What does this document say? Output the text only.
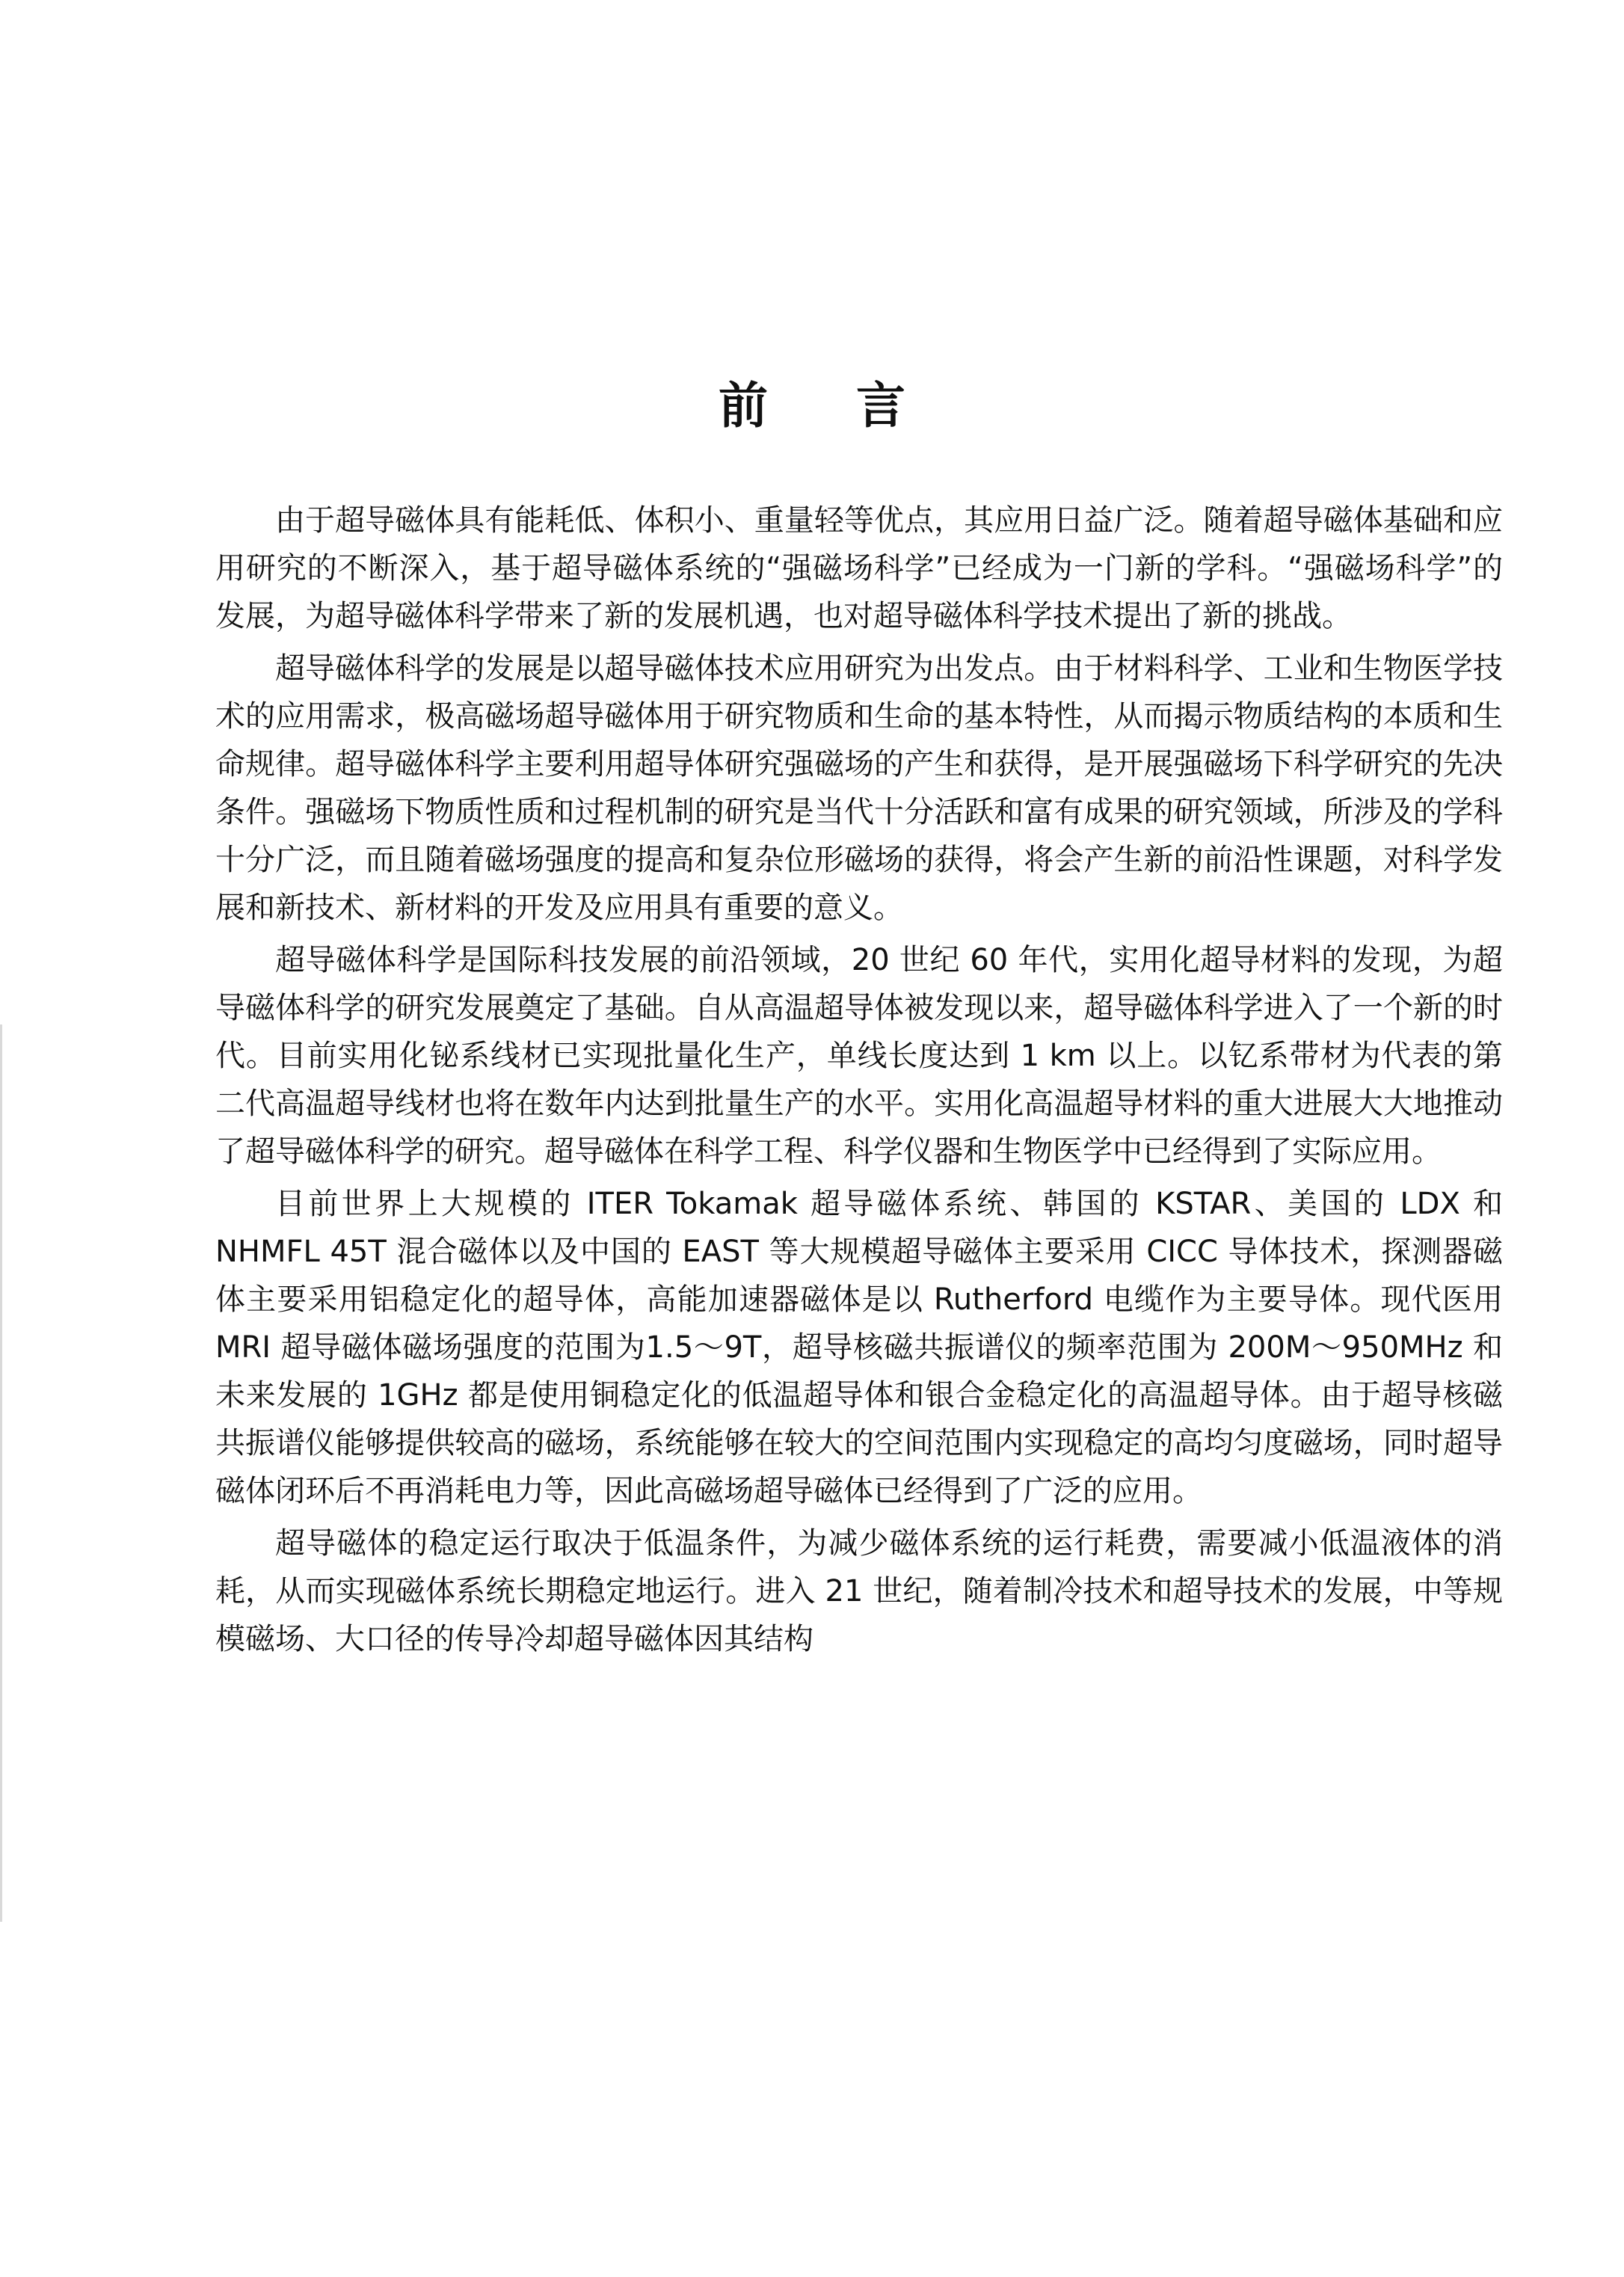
前言

由于超导磁体具有能耗低、体积小、重量轻等优点，其应用日益广泛。随着超导磁体基础和应用研究的不断深入，基于超导磁体系统的“强磁场科学”已经成为一门新的学科。“强磁场科学”的发展，为超导磁体科学带来了新的发展机遇，也对超导磁体科学技术提出了新的挑战。

超导磁体科学的发展是以超导磁体技术应用研究为出发点。由于材料科学、工业和生物医学技术的应用需求，极高磁场超导磁体用于研究物质和生命的基本特性，从而揭示物质结构的本质和生命规律。超导磁体科学主要利用超导体研究强磁场的产生和获得，是开展强磁场下科学研究的先决条件。强磁场下物质性质和过程机制的研究是当代十分活跃和富有成果的研究领域，所涉及的学科十分广泛，而且随着磁场强度的提高和复杂位形磁场的获得，将会产生新的前沿性课题，对科学发展和新技术、新材料的开发及应用具有重要的意义。

超导磁体科学是国际科技发展的前沿领域，20 世纪 60 年代，实用化超导材料的发现，为超导磁体科学的研究发展奠定了基础。自从高温超导体被发现以来，超导磁体科学进入了一个新的时代。目前实用化铋系线材已实现批量化生产，单线长度达到 1 km 以上。以钇系带材为代表的第二代高温超导线材也将在数年内达到批量生产的水平。实用化高温超导材料的重大进展大大地推动了超导磁体科学的研究。超导磁体在科学工程、科学仪器和生物医学中已经得到了实际应用。

目前世界上大规模的 ITER Tokamak 超导磁体系统、韩国的 KSTAR、美国的 LDX 和 NHMFL 45T 混合磁体以及中国的 EAST 等大规模超导磁体主要采用 CICC 导体技术，探测器磁体主要采用铝稳定化的超导体，高能加速器磁体是以 Rutherford 电缆作为主要导体。现代医用 MRI 超导磁体磁场强度的范围为1.5～9T，超导核磁共振谱仪的频率范围为 200M～950MHz 和未来发展的 1GHz 都是使用铜稳定化的低温超导体和银合金稳定化的高温超导体。由于超导核磁共振谱仪能够提供较高的磁场，系统能够在较大的空间范围内实现稳定的高均匀度磁场，同时超导磁体闭环后不再消耗电力等，因此高磁场超导磁体已经得到了广泛的应用。

超导磁体的稳定运行取决于低温条件，为减少磁体系统的运行耗费，需要减小低温液体的消耗，从而实现磁体系统长期稳定地运行。进入 21 世纪，随着制冷技术和超导技术的发展，中等规模磁场、大口径的传导冷却超导磁体因其结构
